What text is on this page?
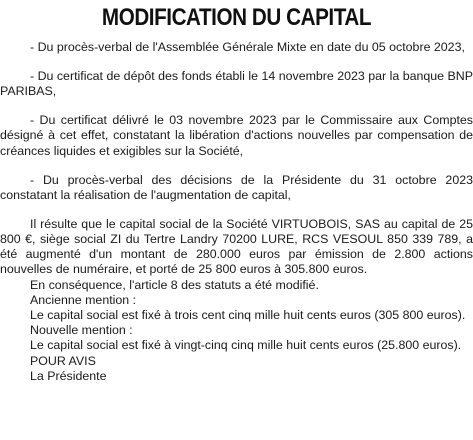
MODIFICATION DU CAPITAL

- Du procès-verbal de l'Assemblée Générale Mixte en date du 05 octobre 2023,

- Du certificat de dépôt des fonds établi le 14 novembre 2023 par la banque BNP PARIBAS,

- Du certificat délivré le 03 novembre 2023 par le Commissaire aux Comptes désigné à cet effet, constatant la libération d'actions nouvelles par compensation de créances liquides et exigibles sur la Société,

- Du procès-verbal des décisions de la Présidente du 31 octobre 2023 constatant la réalisation de l'augmentation de capital,

Il résulte que le capital social de la Société VIRTUOBOIS, SAS au capital de 25 800 €, siège social ZI du Tertre Landry 70200 LURE, RCS VESOUL 850 339 789, a été augmenté d'un montant de 280.000 euros par émission de 2.800 actions nouvelles de numéraire, et porté de 25 800 euros à 305.800 euros.

En conséquence, l'article 8 des statuts a été modifié.

Ancienne mention :

Le capital social est fixé à trois cent cinq mille huit cents euros (305 800 euros).

Nouvelle mention :

Le capital social est fixé à vingt-cinq cinq mille huit cents euros (25.800 euros).

POUR AVIS

La Présidente
